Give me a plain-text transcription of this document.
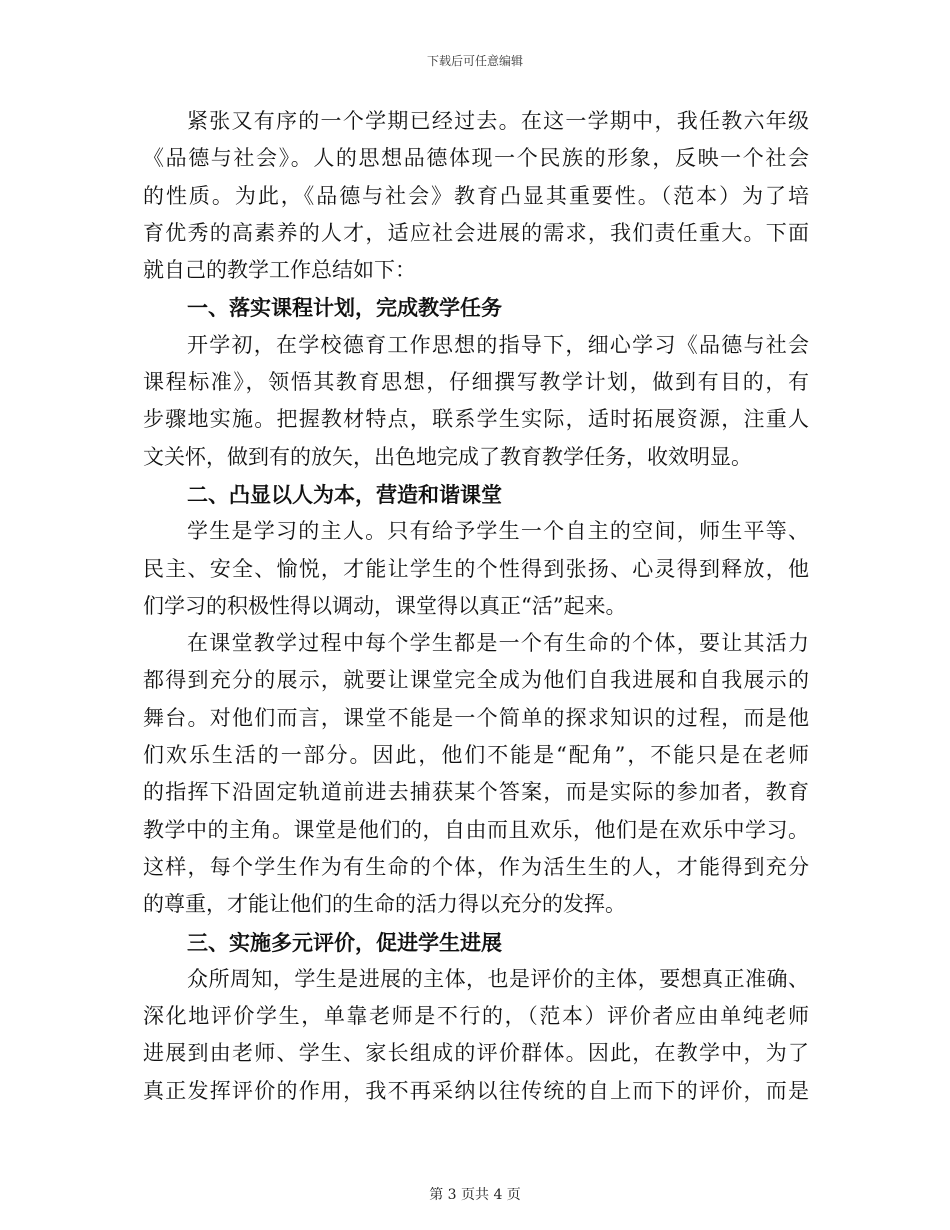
下载后可任意编辑
紧张又有序的一个学期已经过去。在这一学期中，我任教六年级
《品德与社会》。人的思想品德体现一个民族的形象，反映一个社会
的性质。为此，《品德与社会》教育凸显其重要性。（范本）为了培
育优秀的高素养的人才，适应社会进展的需求，我们责任重大。下面
就自己的教学工作总结如下：
一、落实课程计划，完成教学任务
开学初，在学校德育工作思想的指导下，细心学习《品德与社会
课程标准》，领悟其教育思想，仔细撰写教学计划，做到有目的，有
步骤地实施。把握教材特点，联系学生实际，适时拓展资源，注重人
文关怀，做到有的放矢，出色地完成了教育教学任务，收效明显。
二、凸显以人为本，营造和谐课堂
学生是学习的主人。只有给予学生一个自主的空间，师生平等、
民主、安全、愉悦，才能让学生的个性得到张扬、心灵得到释放，他
们学习的积极性得以调动，课堂得以真正“活”起来。
在课堂教学过程中每个学生都是一个有生命的个体，要让其活力
都得到充分的展示，就要让课堂完全成为他们自我进展和自我展示的
舞台。对他们而言，课堂不能是一个简单的探求知识的过程，而是他
们欢乐生活的一部分。因此，他们不能是“配角”，不能只是在老师
的指挥下沿固定轨道前进去捕获某个答案，而是实际的参加者，教育
教学中的主角。课堂是他们的，自由而且欢乐，他们是在欢乐中学习。
这样，每个学生作为有生命的个体，作为活生生的人，才能得到充分
的尊重，才能让他们的生命的活力得以充分的发挥。
三、实施多元评价，促进学生进展
众所周知，学生是进展的主体，也是评价的主体，要想真正准确、
深化地评价学生，单靠老师是不行的，（范本）评价者应由单纯老师
进展到由老师、学生、家长组成的评价群体。因此，在教学中，为了
真正发挥评价的作用，我不再采纳以往传统的自上而下的评价，而是
第 3 页共 4 页
